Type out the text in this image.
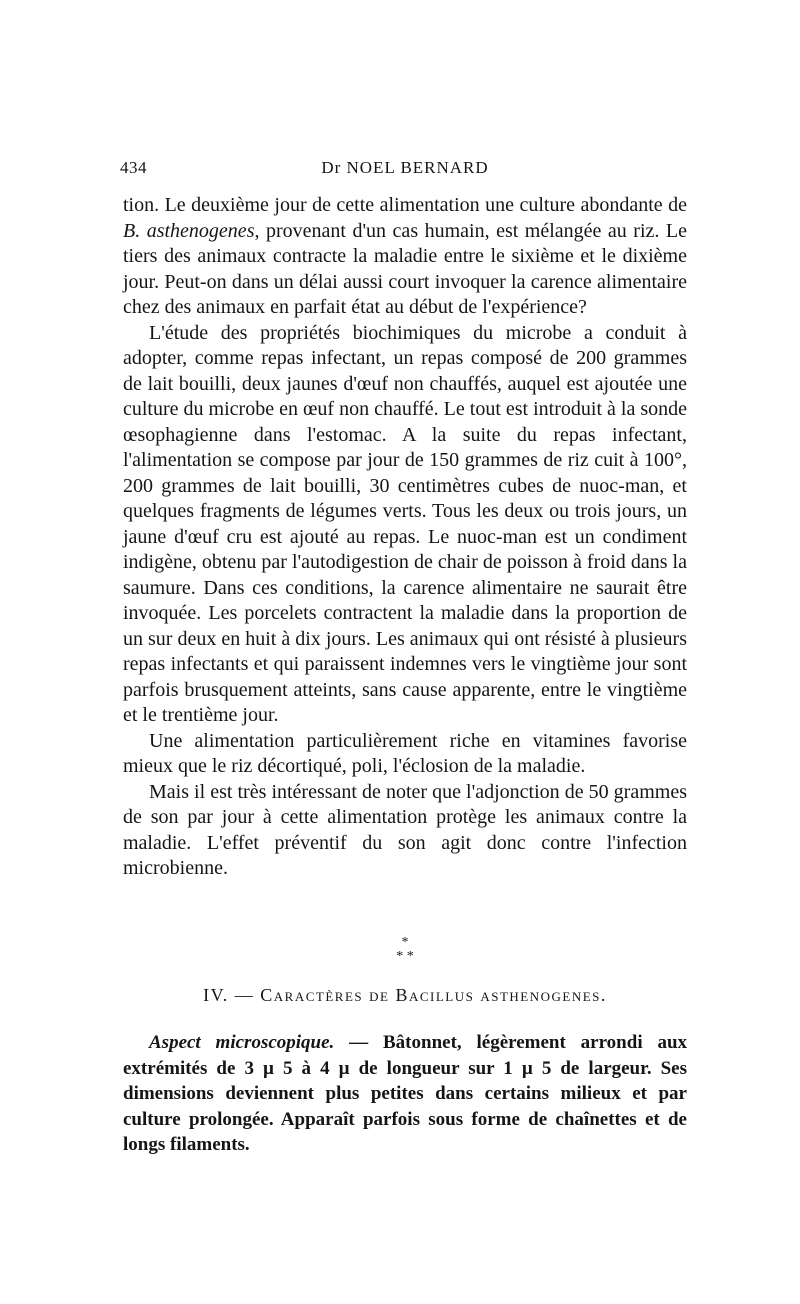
434	Dr NOEL BERNARD

tion. Le deuxième jour de cette alimentation une culture abondante de B. asthenogenes, provenant d'un cas humain, est mélangée au riz. Le tiers des animaux contracte la maladie entre le sixième et le dixième jour. Peut-on dans un délai aussi court invoquer la carence alimentaire chez des animaux en parfait état au début de l'expérience?

L'étude des propriétés biochimiques du microbe a conduit à adopter, comme repas infectant, un repas composé de 200 grammes de lait bouilli, deux jaunes d'œuf non chauffés, auquel est ajoutée une culture du microbe en œuf non chauffé. Le tout est introduit à la sonde œsophagienne dans l'estomac. A la suite du repas infectant, l'alimentation se compose par jour de 150 grammes de riz cuit à 100°, 200 grammes de lait bouilli, 30 centimètres cubes de nuoc-man, et quelques fragments de légumes verts. Tous les deux ou trois jours, un jaune d'œuf cru est ajouté au repas. Le nuoc-man est un condiment indigène, obtenu par l'autodigestion de chair de poisson à froid dans la saumure. Dans ces conditions, la carence alimentaire ne saurait être invoquée. Les porcelets contractent la maladie dans la proportion de un sur deux en huit à dix jours. Les animaux qui ont résisté à plusieurs repas infectants et qui paraissent indemnes vers le vingtième jour sont parfois brusquement atteints, sans cause apparente, entre le vingtième et le trentième jour.

Une alimentation particulièrement riche en vitamines favorise mieux que le riz décortiqué, poli, l'éclosion de la maladie.

Mais il est très intéressant de noter que l'adjonction de 50 grammes de son par jour à cette alimentation protège les animaux contre la maladie. L'effet préventif du son agit donc contre l'infection microbienne.

*
* *
IV. — Caractères de Bacillus asthenogenes.

Aspect microscopique. — Bâtonnet, légèrement arrondi aux extrémités de 3 µ 5 à 4 µ de longueur sur 1 µ 5 de largeur. Ses dimensions deviennent plus petites dans certains milieux et par culture prolongée. Apparaît parfois sous forme de chaînettes et de longs filaments.
